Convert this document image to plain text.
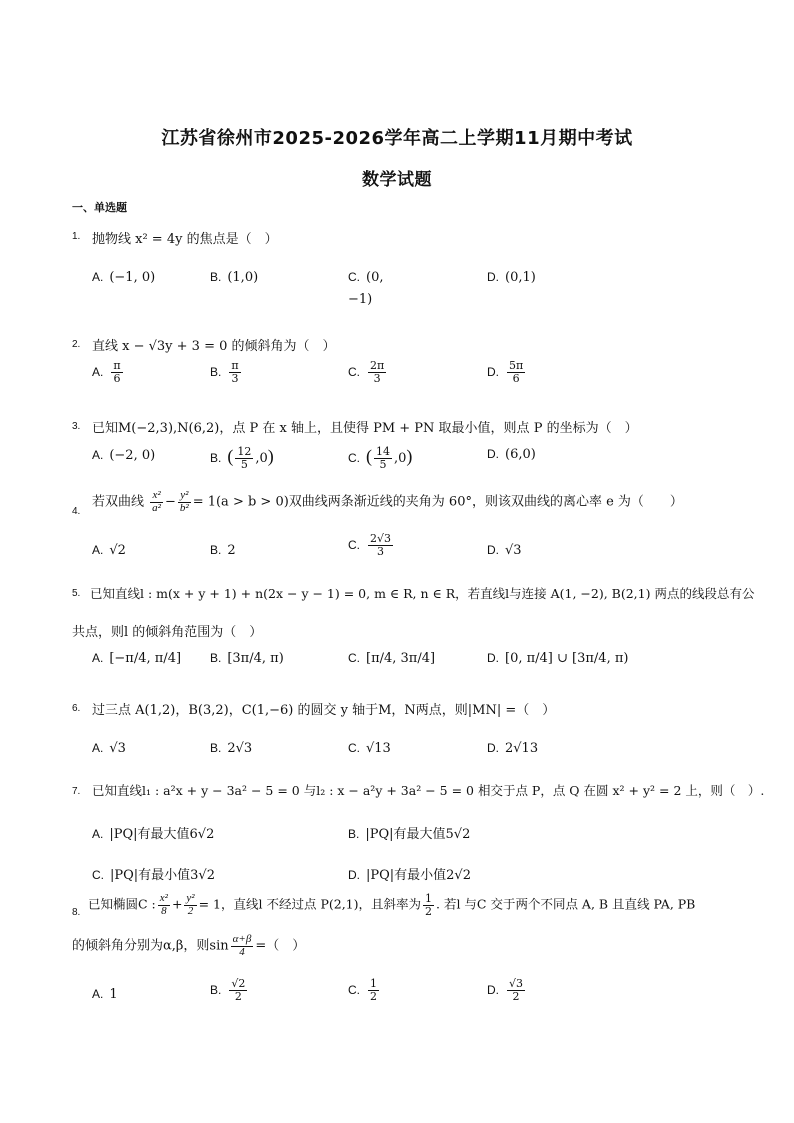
江苏省徐州市2025-2026学年高二上学期11月期中考试
数学试题
一、单选题
1. 抛物线 x² = 4y 的焦点是（　）
A. (−1, 0)	B. (1,0)	C. (0,
−1)
D. (0,1)
2. 直线 x − √3y + 3 = 0 的倾斜角为（　）
A. $\frac{\pi}{6}$	B. $\frac{\pi}{3}$	C. $\frac{2\pi}{3}$	D. $\frac{5\pi}{6}$
3. 已知M(−2,3),N(6,2)，点 P 在 x 轴上，且使得 PM + PN 取最小值，则点 P 的坐标为（　）
A. (−2, 0)	B. ( $\frac{12}{5} ,0$)	C. ( $\frac{14}{5} ,0$)	D. (6,0)
4.
若双曲线 $\frac{\text{x²}}{\text{a²}} - \frac{\text{y²}}{\text{b²}} = 1(a > b > 0)$双曲线两条渐近线的夹角为 60°，则该双曲线的离心率 e 为（　　）
A. √2	B. 2	C. $\frac{2√3}{3}$	D. √3
5. 已知直线l : m(x + y + 1) + n(2x − y − 1) = 0, m ∈ R, n ∈ R，若直线l与连接 A(1, −2), B(2,1) 两点的线段总有公
共点，则l 的倾斜角范围为（　）
A. [−π/4, π/4] B. [3π/4, π)	C. [π/4, 3π/4]	D. [0, π/4] ∪ [3π/4, π)
6. 过三点 A(1,2)，B(3,2)，C(1,−6) 的圆交 y 轴于M，N两点，则|MN| =（　）
A. √3	B. 2√3	C. √13	D. 2√13
7. 已知直线l₁ : a²x + y − 3a² − 5 = 0 与l₂ : x − a²y + 3a² − 5 = 0 相交于点 P，点 Q 在圆 x² + y² = 2 上，则（　）.
A. |PQ|有最大值6√2	B. |PQ|有最大值5√2
C. |PQ|有最小值3√2	D. |PQ|有最小值2√2
8.
已知椭圆C : $\frac{\text{x²}}{8} + \frac{\text{y²}}{2} = 1$，直线l 不经过点 P(2,1)，且斜率为 $\frac{1}{2}$ . 若l 与C 交于两个不同点 A, B 且直线 PA, PB
的倾斜角分别为α,β，则$\sin \frac{\alpha+\beta}{4}$ =（　）
A. 1	B. $\frac{√2}{2}$	C. $\frac{1}{2}$	D. $\frac{√3}{2}$
